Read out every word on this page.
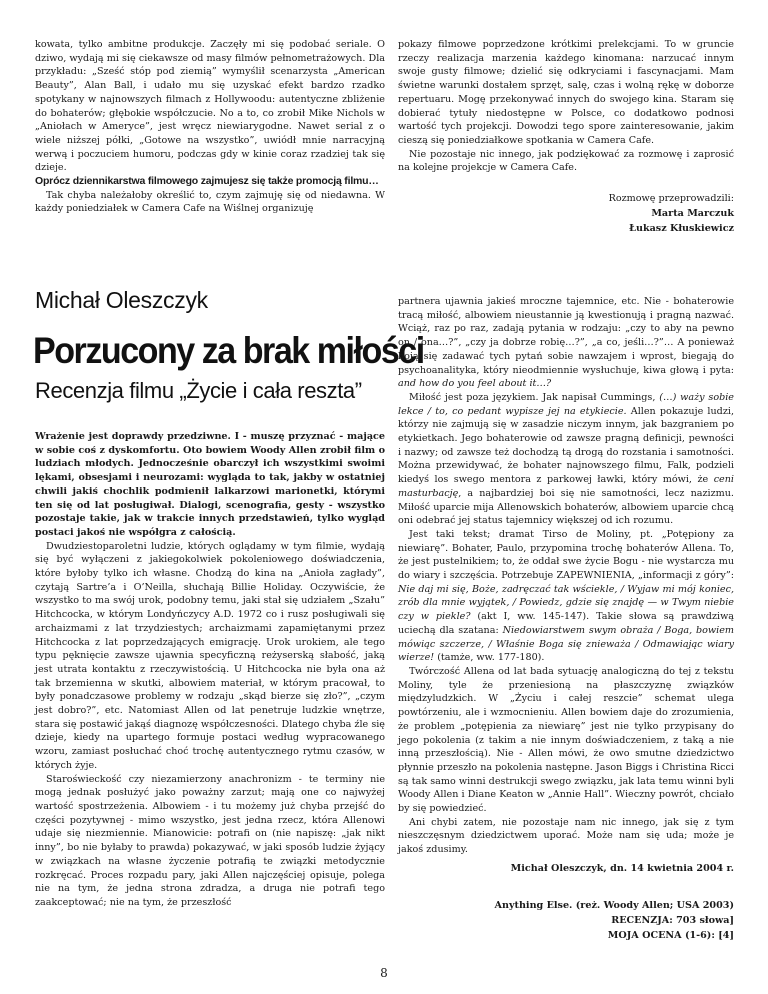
kowata, tylko ambitne produkcje. Zaczęły mi się podobać seriale. O dziwo, wydają mi się ciekawsze od masy filmów pełnometrażowych. Dla przykładu: „Sześć stóp pod ziemią” wymyślił scenarzysta „American Beauty”, Alan Ball, i udało mu się uzyskać efekt bardzo rzadko spotykany w najnowszych filmach z Hollywoodu: autentyczne zbliżenie do bohaterów; głębokie współczucie. No a to, co zrobił Mike Nichols w „Aniołach w Ameryce”, jest wręcz niewiarygodne. Nawet serial z o wiele niższej półki, „Gotowe na wszystko”, uwiódł mnie narracyjną werwą i poczuciem humoru, podczas gdy w kinie coraz rzadziej tak się dzieje.

Oprócz dziennikarstwa filmowego zajmujesz się także promocją filmu…

Tak chyba należałoby określić to, czym zajmuję się od niedawna. W każdy poniedziałek w Camera Cafe na Wiślnej organizuję

pokazy filmowe poprzedzone krótkimi prelekcjami. To w gruncie rzeczy realizacja marzenia każdego kinomana: narzucać innym swoje gusty filmowe; dzielić się odkryciami i fascynacjami. Mam świetne warunki dostałem sprzęt, salę, czas i wolną rękę w doborze repertuaru. Mogę przekonywać innych do swojego kina. Staram się dobierać tytuły niedostępne w Polsce, co dodatkowo podnosi wartość tych projekcji. Dowodzi tego spore zainteresowanie, jakim cieszą się poniedziałkowe spotkania w Camera Cafe.

Nie pozostaje nic innego, jak podziękować za rozmowę i zaprosić na kolejne projekcje w Camera Cafe.

Rozmowę przeprowadzili:
Marta Marczuk
Łukasz Kłuskiewicz
Michał Oleszczyk
Porzucony za brak miłości
Recenzja filmu „Życie i cała reszta”

Wrażenie jest doprawdy przedziwne. I - muszę przyznać - mające w sobie coś z dyskomfortu. Oto bowiem Woody Allen zrobił film o ludziach młodych. Jednocześnie obarczył ich wszystkimi swoimi lękami, obsesjami i neurozami: wygląda to tak, jakby w ostatniej chwili jakiś chochlik podmienił lalkarzowi marionetki, którymi ten się od lat posługiwał. Dialogi, scenografia, gesty - wszystko pozostaje takie, jak w trakcie innych przedstawień, tylko wygląd postaci jakoś nie współgra z całością.

Dwudziestoparoletni ludzie, których oglądamy w tym filmie, wydają się być wyłączeni z jakiegokolwiek pokoleniowego doświadczenia, które byłoby tylko ich własne. Chodzą do kina na „Anioła zagłady”, czytają Sartre’a i O’Neilla, słuchają Billie Holiday. Oczywiście, że wszystko to ma swój urok, podobny temu, jaki stał się udziałem „Szału” Hitchcocka, w którym Londyńczycy A.D. 1972 co i rusz posługiwali się archaizmami z lat trzydziestych; archaizmami zapamiętanymi przez Hitchcocka z lat poprzedzających emigrację. Urok urokiem, ale tego typu pęknięcie zawsze ujawnia specyficzną reżyserską słabość, jaką jest utrata kontaktu z rzeczywistością. U Hitchcocka nie była ona aż tak brzemienna w skutki, albowiem materiał, w którym pracował, to były ponadczasowe problemy w rodzaju „skąd bierze się zło?”, „czym jest dobro?”, etc. Natomiast Allen od lat penetruje ludzkie wnętrze, stara się postawić jakąś diagnozę współczesności. Dlatego chyba źle się dzieje, kiedy na upartego formuje postaci według wypracowanego wzoru, zamiast posłuchać choć trochę autentycznego rytmu czasów, w których żyje.

Staroświeckość czy niezamierzony anachronizm - te terminy nie mogą jednak posłużyć jako poważny zarzut; mają one co najwyżej wartość spostrzeżenia. Albowiem - i tu możemy już chyba przejść do części pozytywnej - mimo wszystko, jest jedna rzecz, która Allenowi udaje się niezmiennie. Mianowicie: potrafi on (nie napiszę: „jak nikt inny”, bo nie byłaby to prawda) pokazywać, w jaki sposób ludzie żyjący w związkach na własne życzenie potrafią te związki metodycznie rozkręcać. Proces rozpadu pary, jaki Allen najczęściej opisuje, polega nie na tym, że jedna strona zdradza, a druga nie potrafi tego zaakceptować; nie na tym, że przeszłość

partnera ujawnia jakieś mroczne tajemnice, etc. Nie - bohaterowie tracą miłość, albowiem nieustannie ją kwestionują i pragną nazwać. Wciąż, raz po raz, zadają pytania w rodzaju: „czy to aby na pewno on / ona…?”, „czy ja dobrze robię…?”, „a co, jeśli…?”… A ponieważ boją się zadawać tych pytań sobie nawzajem i wprost, biegają do psychoanalityka, który nieodmiennie wysłuchuje, kiwa głową i pyta: and how do you feel about it…?

Miłość jest poza językiem. Jak napisał Cummings, (…) waży sobie lekce / to, co pedant wypisze jej na etykiecie. Allen pokazuje ludzi, którzy nie zajmują się w zasadzie niczym innym, jak bazgraniem po etykietkach. Jego bohaterowie od zawsze pragną definicji, pewności i nazwy; od zawsze też dochodzą tą drogą do rozstania i samotności. Można przewidywać, że bohater najnowszego filmu, Falk, podzieli kiedyś los swego mentora z parkowej ławki, który mówi, że ceni masturbację, a najbardziej boi się nie samotności, lecz nazizmu. Miłość uparcie mija Allenowskich bohaterów, albowiem uparcie chcą oni odebrać jej status tajemnicy większej od ich rozumu.

Jest taki tekst; dramat Tirso de Moliny, pt. „Potępiony za niewiarę”. Bohater, Paulo, przypomina trochę bohaterów Allena. To, że jest pustelnikiem; to, że oddał swe życie Bogu - nie wystarcza mu do wiary i szczęścia. Potrzebuje ZAPEWNIENIA, „informacji z góry”: Nie daj mi się, Boże, zadręczać tak wściekle, / Wyjaw mi mój koniec, zrób dla mnie wyjątek, / Powiedz, gdzie się znajdę — w Twym niebie czy w piekle? (akt I, ww. 145-147). Takie słowa są prawdziwą uciechą dla szatana: Niedowiarstwem swym obraża / Boga, bowiem mówiąc szczerze, / Właśnie Boga się znieważa / Odmawiając wiary wierze! (tamże, ww. 177-180).

Twórczość Allena od lat bada sytuację analogiczną do tej z tekstu Moliny, tyle że przeniesioną na płaszczyznę związków międzyludzkich. W „Życiu i całej reszcie” schemat ulega powtórzeniu, ale i wzmocnieniu. Allen bowiem daje do zrozumienia, że problem „potępienia za niewiarę” jest nie tylko przypisany do jego pokolenia (z takim a nie innym doświadczeniem, z taką a nie inną przeszłością). Nie - Allen mówi, że owo smutne dziedzictwo płynnie przeszło na pokolenia następne. Jason Biggs i Christina Ricci są tak samo winni destrukcji swego związku, jak lata temu winni byli Woody Allen i Diane Keaton w „Annie Hall”. Wieczny powrót, chciało by się powiedzieć.

Ani chybi zatem, nie pozostaje nam nic innego, jak się z tym nieszczęsnym dziedzictwem uporać. Może nam się uda; może je jakoś zdusimy.

Michał Oleszczyk, dn. 14 kwietnia 2004 r.
Anything Else. (reż. Woody Allen; USA 2003)
RECENZJA: 703 słowa]
MOJA OCENA (1-6): [4]
8
